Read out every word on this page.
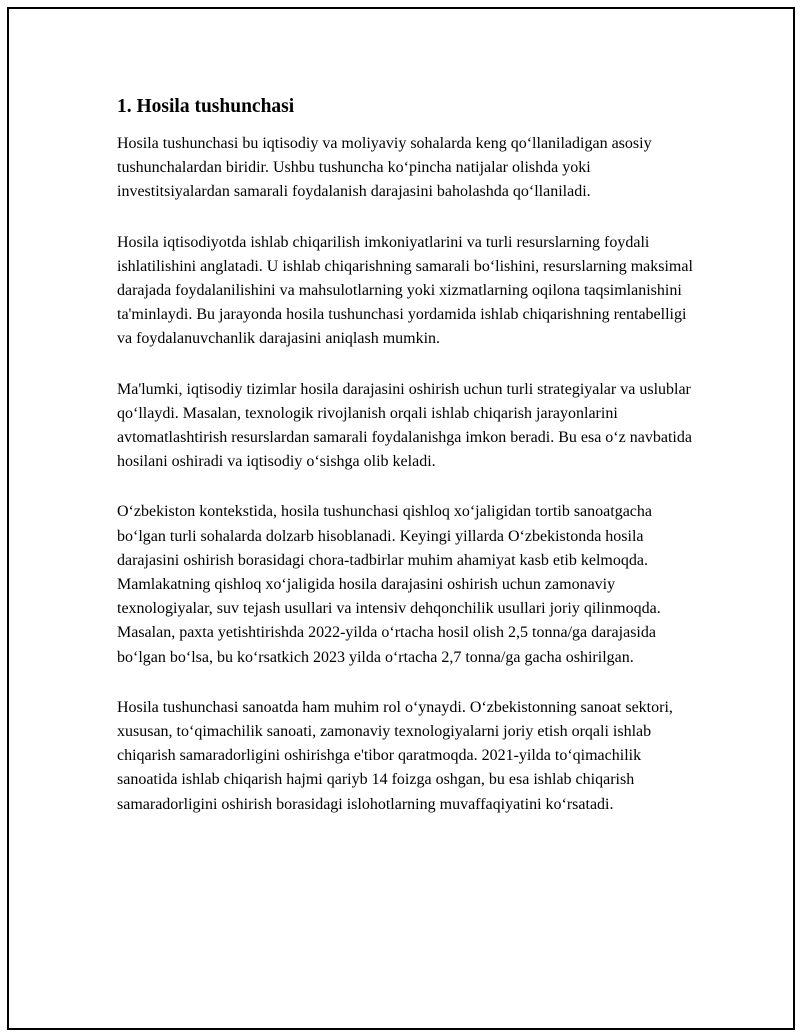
1. Hosila tushunchasi

Hosila tushunchasi bu iqtisodiy va moliyaviy sohalarda keng qo‘llaniladigan asosiy tushunchalardan biridir. Ushbu tushuncha ko‘pincha natijalar olishda yoki investitsiyalardan samarali foydalanish darajasini baholashda qo‘llaniladi.

Hosila iqtisodiyotda ishlab chiqarilish imkoniyatlarini va turli resurslarning foydali ishlatilishini anglatadi. U ishlab chiqarishning samarali bo‘lishini, resurslarning maksimal darajada foydalanilishini va mahsulotlarning yoki xizmatlarning oqilona taqsimlanishini ta'minlaydi. Bu jarayonda hosila tushunchasi yordamida ishlab chiqarishning rentabelligi va foydalanuvchanlik darajasini aniqlash mumkin.

Ma'lumki, iqtisodiy tizimlar hosila darajasini oshirish uchun turli strategiyalar va uslublar qo‘llaydi. Masalan, texnologik rivojlanish orqali ishlab chiqarish jarayonlarini avtomatlashtirish resurslardan samarali foydalanishga imkon beradi. Bu esa o‘z navbatida hosilani oshiradi va iqtisodiy o‘sishga olib keladi.

O‘zbekiston kontekstida, hosila tushunchasi qishloq xo‘jaligidan tortib sanoatgacha bo‘lgan turli sohalarda dolzarb hisoblanadi. Keyingi yillarda O‘zbekistonda hosila darajasini oshirish borasidagi chora-tadbirlar muhim ahamiyat kasb etib kelmoqda. Mamlakatning qishloq xo‘jaligida hosila darajasini oshirish uchun zamonaviy texnologiyalar, suv tejash usullari va intensiv dehqonchilik usullari joriy qilinmoqda. Masalan, paxta yetishtirishda 2022-yilda o‘rtacha hosil olish 2,5 tonna/ga darajasida bo‘lgan bo‘lsa, bu ko‘rsatkich 2023 yilda o‘rtacha 2,7 tonna/ga gacha oshirilgan.

Hosila tushunchasi sanoatda ham muhim rol o‘ynaydi. O‘zbekistonning sanoat sektori, xususan, to‘qimachilik sanoati, zamonaviy texnologiyalarni joriy etish orqali ishlab chiqarish samaradorligini oshirishga e'tibor qaratmoqda. 2021-yilda to‘qimachilik sanoatida ishlab chiqarish hajmi qariyb 14 foizga oshgan, bu esa ishlab chiqarish samaradorligini oshirish borasidagi islohotlarning muvaffaqiyatini ko‘rsatadi.
